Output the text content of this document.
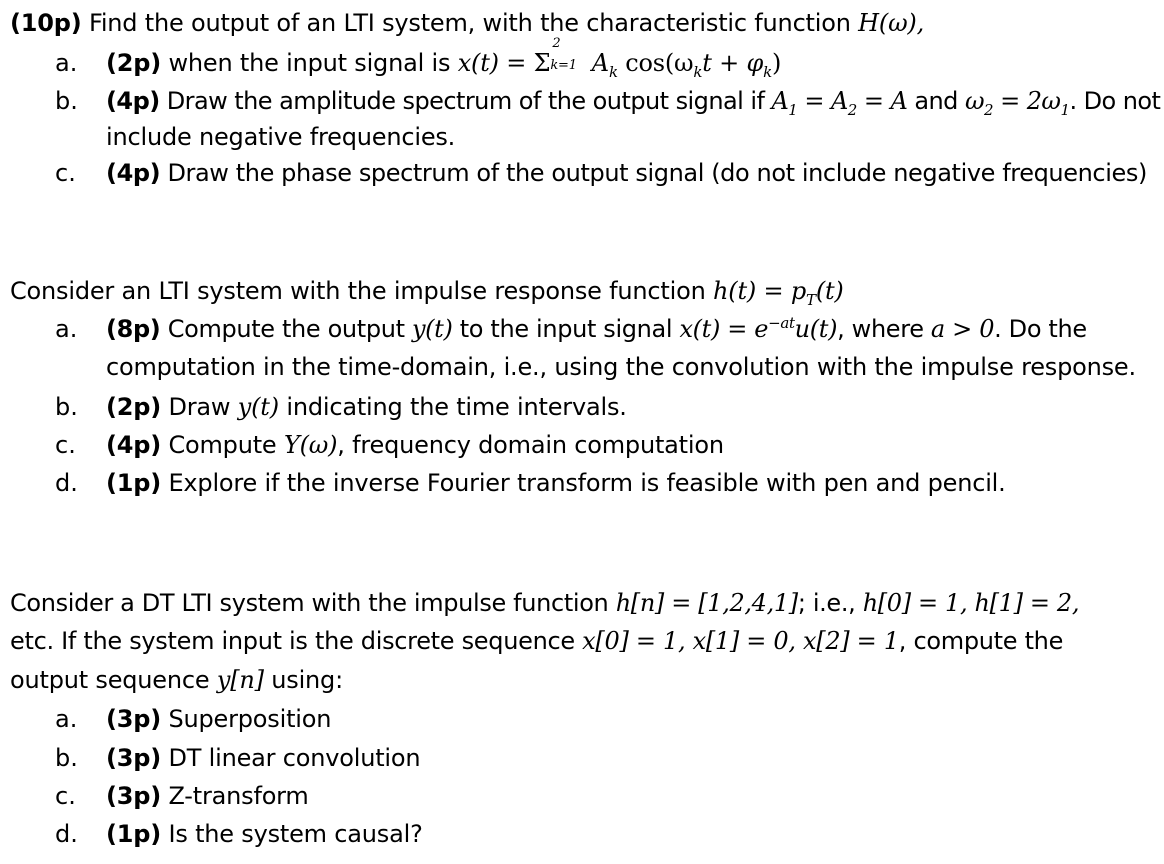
(10p) Find the output of an LTI system, with the characteristic function H(ω),
a. (2p) when the input signal is x(t) = Σ
2
k=1 $A_k$ $\cos(\omega_kt + \varphi_k)$
b. (4p) Draw the amplitude spectrum of the output signal if $A_1 = A_2 = A$ and $\omega_2 = 2\omega_1$. Do not
include negative frequencies.
c. (4p) Draw the phase spectrum of the output signal (do not include negative frequencies)
Consider an LTI system with the impulse response function $h(t) = p_T(t)$
a. (8p) Compute the output y(t) to the input signal $x(t) = e^{-at}u(t)$, where a > 0. Do the
computation in the time-domain, i.e., using the convolution with the impulse response.
b. (2p) Draw y(t) indicating the time intervals.
c. (4p) Compute Y(ω), frequency domain computation
d. (1p) Explore if the inverse Fourier transform is feasible with pen and pencil.
Consider a DT LTI system with the impulse function h[n] = [1,2,4,1]; i.e., h[0] = 1, h[1] = 2,
etc. If the system input is the discrete sequence x[0] = 1, x[1] = 0, x[2] = 1, compute the
output sequence y[n] using:
a. (3p) Superposition
b. (3p) DT linear convolution
c. (3p) Z-transform
d. (1p) Is the system causal?
